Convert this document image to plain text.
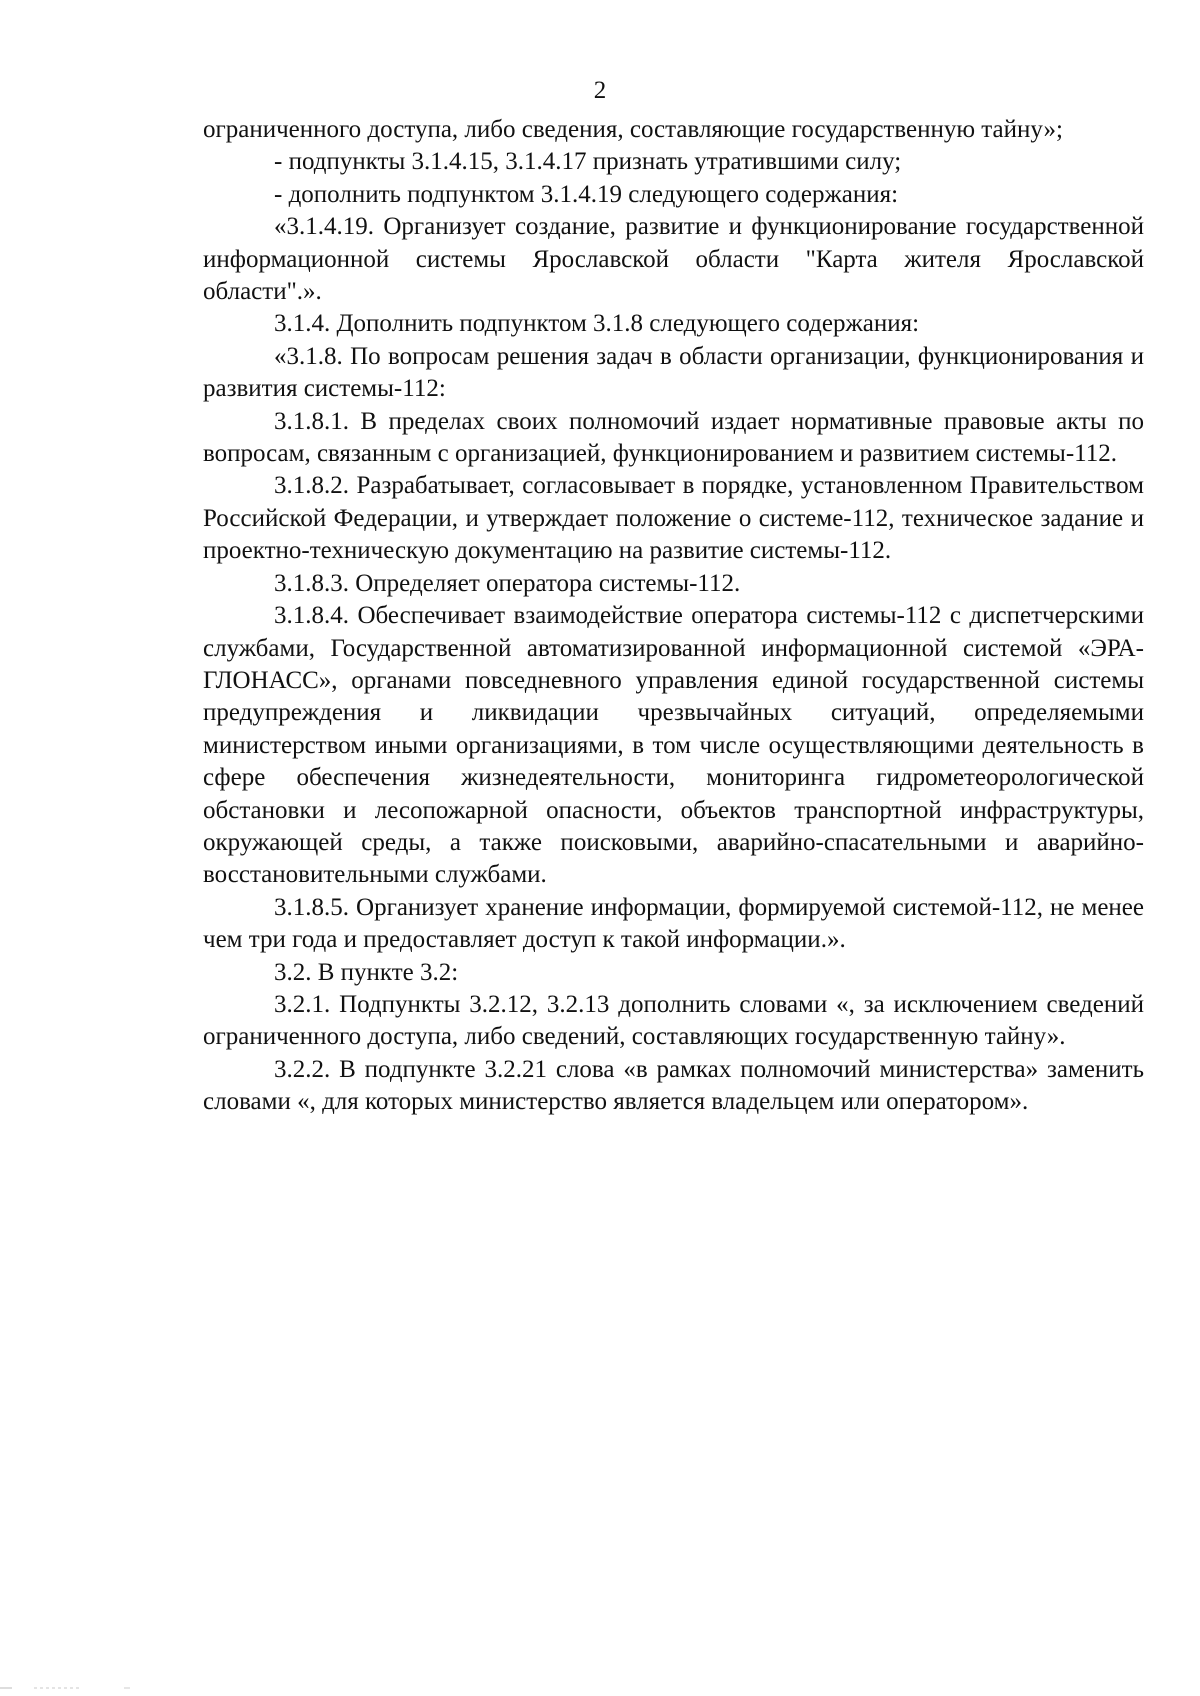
2

ограниченного доступа, либо сведения, составляющие государственную тайну»;

- подпункты 3.1.4.15, 3.1.4.17 признать утратившими силу;

- дополнить подпунктом 3.1.4.19 следующего содержания:

«3.1.4.19. Организует создание, развитие и функционирование государственной информационной системы Ярославской области "Карта жителя Ярославской области".».

3.1.4. Дополнить подпунктом 3.1.8 следующего содержания:

«3.1.8. По вопросам решения задач в области организации, функционирования и развития системы-112:

3.1.8.1. В пределах своих полномочий издает нормативные правовые акты по вопросам, связанным с организацией, функционированием и развитием системы-112.

3.1.8.2. Разрабатывает, согласовывает в порядке, установленном Правительством Российской Федерации, и утверждает положение о системе-112, техническое задание и проектно-техническую документацию на развитие системы-112.

3.1.8.3. Определяет оператора системы-112.

3.1.8.4. Обеспечивает взаимодействие оператора системы-112 с диспетчерскими службами, Государственной автоматизированной информационной системой «ЭРА-ГЛОНАСС», органами повседневного управления единой государственной системы предупреждения и ликвидации чрезвычайных ситуаций, определяемыми министерством иными организациями, в том числе осуществляющими деятельность в сфере обеспечения жизнедеятельности, мониторинга гидрометеорологической обстановки и лесопожарной опасности, объектов транспортной инфраструктуры, окружающей среды, а также поисковыми, аварийно-спасательными и аварийно-восстановительными службами.

3.1.8.5. Организует хранение информации, формируемой системой-112, не менее чем три года и предоставляет доступ к такой информации.».

3.2. В пункте 3.2:

3.2.1. Подпункты 3.2.12, 3.2.13 дополнить словами «, за исключением сведений ограниченного доступа, либо сведений, составляющих государственную тайну».

3.2.2. В подпункте 3.2.21 слова «в рамках полномочий министерства» заменить словами «, для которых министерство является владельцем или оператором».
